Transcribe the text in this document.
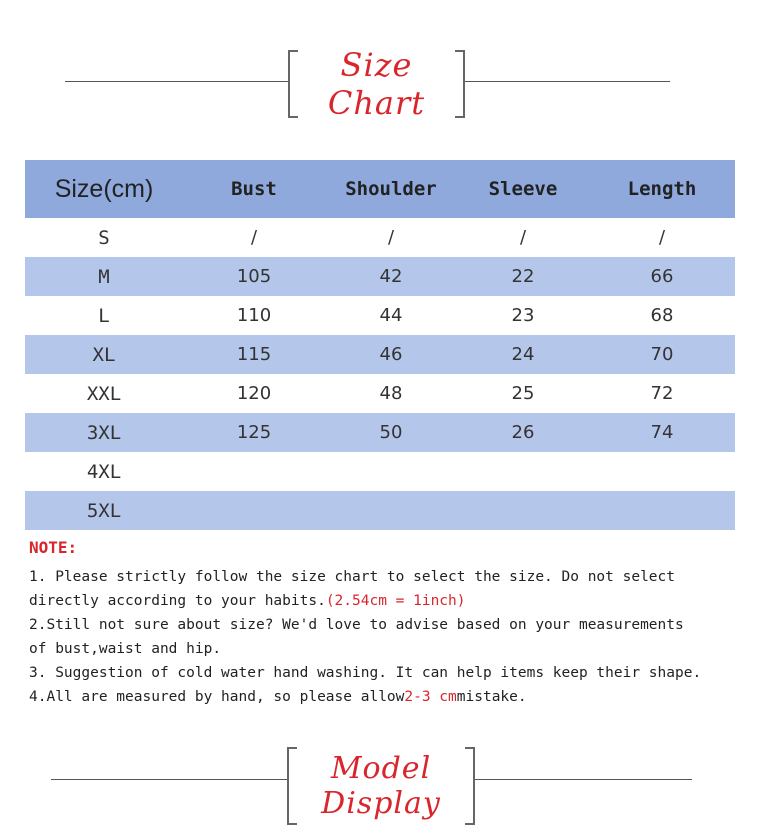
Size Chart
Size(cm)	Bust	Shoulder	Sleeve	Length
S	/	/	/	/
M	105	42	22	66
L	110	44	23	68
XL	115	46	24	70
XXL	120	48	25	72
3XL	125	50	26	74
4XL
5XL
NOTE:
1. Please strictly follow the size chart to select the size. Do not select
directly according to your habits.(2.54cm = 1inch)
2.Still not sure about size? We'd love to advise based on your measurements
of bust,waist and hip.
3. Suggestion of cold water hand washing. It can help items keep their shape.
4.All are measured by hand, so please allow2-3 cmmistake.
Model Display
